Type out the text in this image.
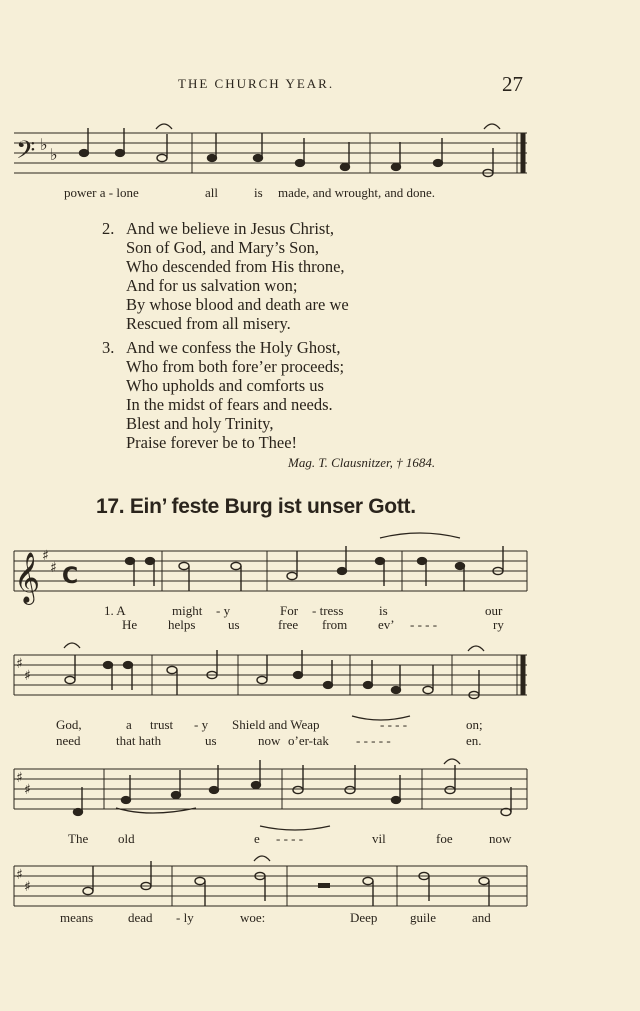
THE CHURCH YEAR.	27
𝄢 ♭
♭
𝄞 ♯
♯ C
♯
♯
♯
♯
♯
♯
power a - lone	all	is made, and wrought, and done.
2. And we believe in Jesus Christ,
Son of God, and Mary’s Son,
Who descended from His throne,
And for us salvation won;
By whose blood and death are we
Rescued from all misery.
3. And we confess the Holy Ghost,
Who from both fore’er proceeds;
Who upholds and comforts us
In the midst of fears and needs.
Blest and holy Trinity,
Praise forever be to Thee!
Mag. T. Clausnitzer, † 1684.
17. Ein’ feste Burg ist unser Gott.
1. A	might - y	For - tress	is	our
He helps	us	free from ev’ - - - -	ry
God,	a trust - y Shield and Weap	- - - -	on;
need	that hath	us	now o’er-tak - - - - -	en.
The old	e - - - -	vil	foe	now
means	dead - ly	woe:	Deep	guile	and
